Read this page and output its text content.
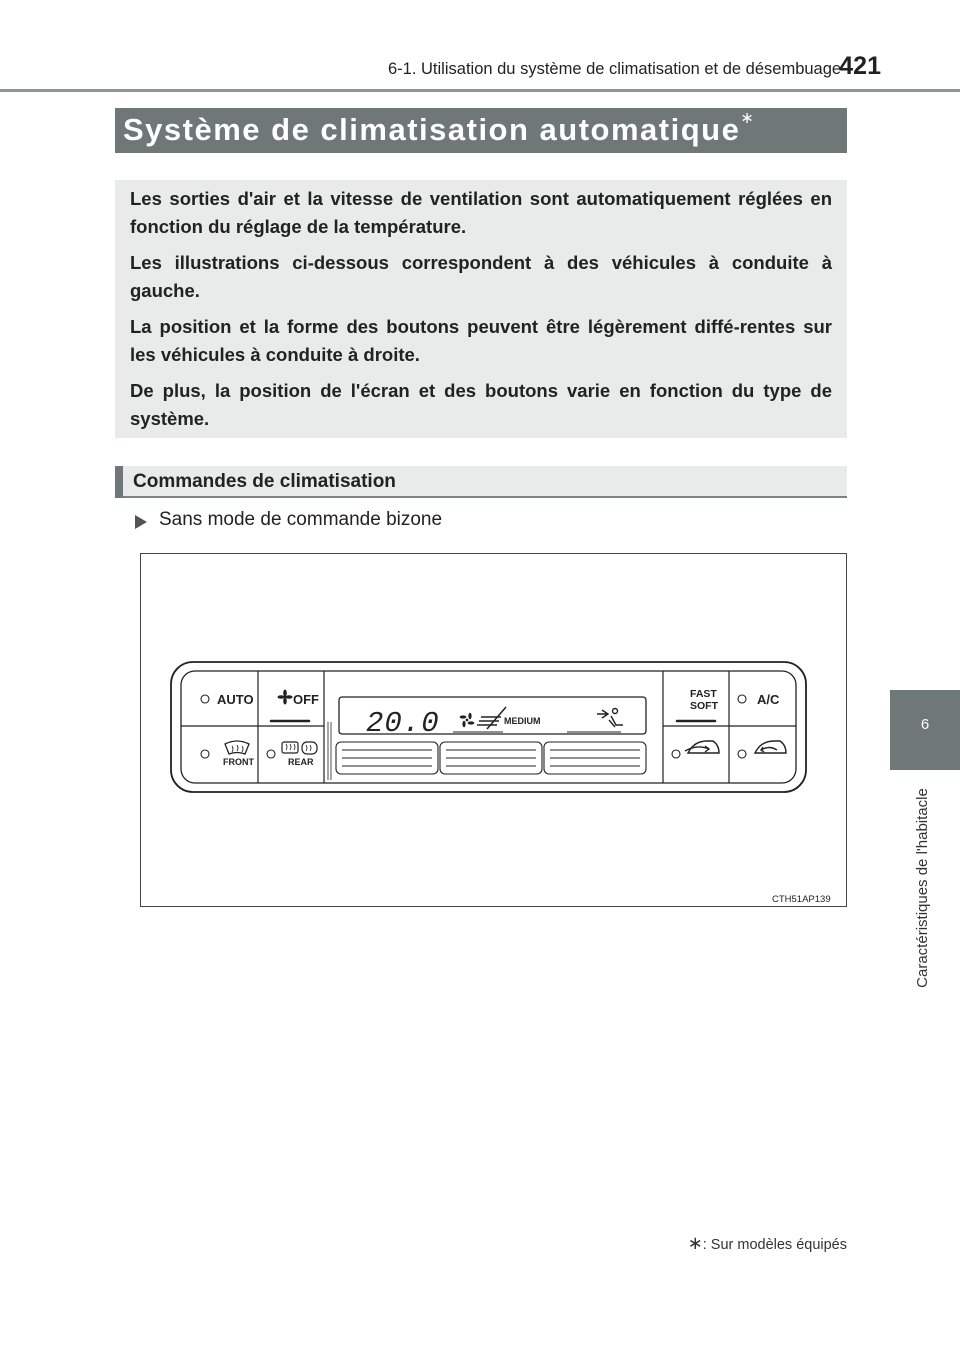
6-1. Utilisation du système de climatisation et de désembuage
421
6
Caractéristiques de l'habitacle
Système de climatisation automatique∗

Les sorties d'air et la vitesse de ventilation sont automatiquement réglées en fonction du réglage de la température.

Les illustrations ci-dessous correspondent à des véhicules à conduite à gauche.

La position et la forme des boutons peuvent être légèrement diffé-rentes sur les véhicules à conduite à droite.

De plus, la position de l'écran et des boutons varie en fonction du type de système.

Commandes de climatisation
Sans mode de commande bizone
AUTO	OFF
20.0	MEDIUM
FAST
SOFT	A/C
FRONT	REAR
CTH51AP139
∗: Sur modèles équipés
